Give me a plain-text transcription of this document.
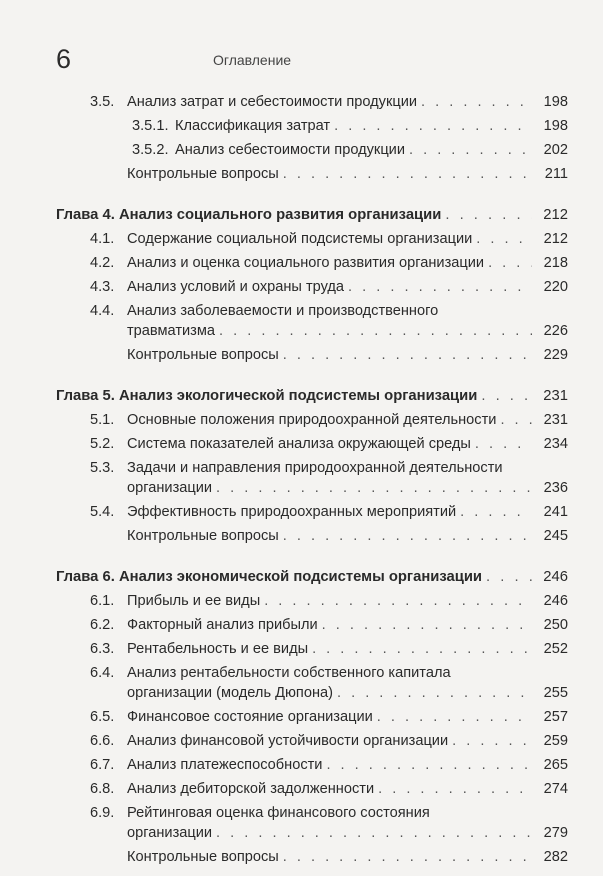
6	Оглавление
3.5. Анализ затрат и себестоимости продукции . . .	198
3.5.1. Классификация затрат . . .	198
3.5.2. Анализ себестоимости продукции . . .	202
Контрольные вопросы . . .	211
Глава 4. Анализ социального развития организации . . .	212
4.1. Содержание социальной подсистемы организации . . .	212
4.2. Анализ и оценка социального развития организации . . .	218
4.3. Анализ условий и охраны труда . . .	220
4.4. Анализ заболеваемости и производственного
травматизма . . .	226
Контрольные вопросы . . .	229
Глава 5. Анализ экологической подсистемы организации . . .	231
5.1. Основные положения природоохранной деятельности . . .	231
5.2. Система показателей анализа окружающей среды . . .	234
5.3. Задачи и направления природоохранной деятельности
организации . . .	236
5.4. Эффективность природоохранных мероприятий . . .	241
Контрольные вопросы . . .	245
Глава 6. Анализ экономической подсистемы организации . . .	246
6.1. Прибыль и ее виды . . .	246
6.2. Факторный анализ прибыли . . .	250
6.3. Рентабельность и ее виды . . .	252
6.4. Анализ рентабельности собственного капитала
организации (модель Дюпона) . . .	255
6.5. Финансовое состояние организации . . .	257
6.6. Анализ финансовой устойчивости организации . . .	259
6.7. Анализ платежеспособности . . .	265
6.8. Анализ дебиторской задолженности . . .	274
6.9. Рейтинговая оценка финансового состояния
организации . . .	279
Контрольные вопросы . . .	282
